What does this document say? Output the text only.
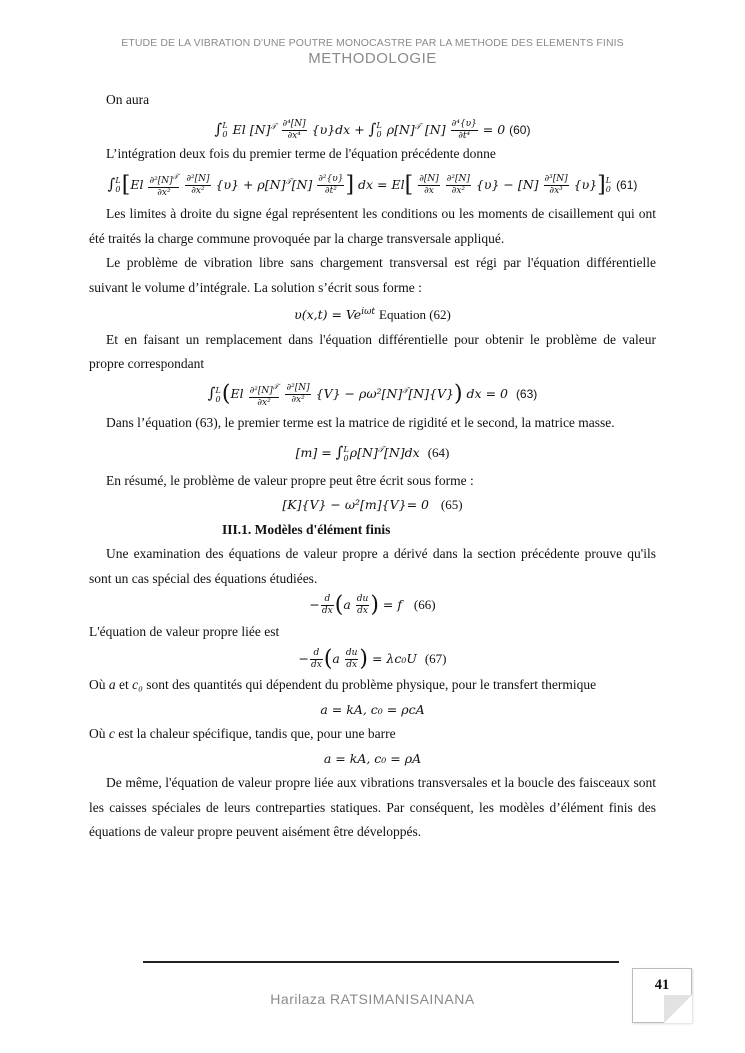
ETUDE DE LA VIBRATION D'UNE POUTRE MONOCASTRE PAR LA METHODE DES ELEMENTS FINIS
METHODOLOGIE

On aura

∫L
0 El $[N]^𝒯 \frac{\text{∂⁴[N]}}{\text{∂x⁴}} \{\upsilon\}dx + \int L$
0 $\rho[N]^𝒯$ $[N] \frac{\text{∂⁴\{υ\}}}{\text{∂t⁴}} = 0$ (60)

L’intégration deux fois du premier terme de l'équation précédente donne

∫L
$0[El \frac{\partial^2[N]^𝒯}{\text{∂x²}}$
$\frac{\text{∂²[N]}}{\text{∂x²}} \{\upsilon\} + \rho[N]^𝒯[N] \frac{\text{∂²\{υ\}}}{\text{∂t²}}$ ] dx = $El[ \frac{\partial[N]}{\partial x}$
$\frac{\text{∂²[N]}}{\text{∂x²}} \{\upsilon\} - [N] \frac{\text{∂³[N]}}{\text{∂x³}} \{\upsilon\}]L$
0 (61)

Les limites à droite du signe égal représentent les conditions ou les moments de cisaillement qui ont été traités la charge commune provoquée par la charge transversale appliqué.

Le problème de vibration libre sans chargement transversal est régi par l'équation différentielle suivant le volume d’intégrale. La solution s’écrit sous forme :

$\upsilon(x,t) = Ve^{i\omega t}$ Equation (62)

Et en faisant un remplacement dans l'équation différentielle pour obtenir le problème de valeur propre correspondant

∫L
$0(El \frac{\partial^2[N]^𝒯}{\text{∂x²}}$
$\frac{\text{∂²[N]}}{\text{∂x²}} \{V\} - \rho\omega^2[N]^𝒯[N]\{V\}$) dx = 0  (63)

Dans l’équation (63), le premier terme est la matrice de rigidité et le second, la matrice masse.

[m] = ∫L
$0\rho[N]^𝒯[N]dx$  (64)

En résumé, le problème de valeur propre peut être écrit sous forme :

[K]{V} − ω²[m]{V}= 0 (65)

III.1. Modèles d'élément finis

Une examination des équations de valeur propre a dérivé dans la section précédente prouve qu'ils sont un cas spécial des équations étudiées.

− $\frac{d}{dx} (a \frac{du}{dx}$ ) = f   (66)

L'équation de valeur propre liée est

− $\frac{d}{dx} (a \frac{du}{dx}$ ) = λc₀U  (67)

Où a et c₀ sont des quantités qui dépendent du problème physique, pour le transfert thermique

a = kA, c₀ = ρcA

Où c est la chaleur spécifique, tandis que, pour une barre

a = kA, c₀ = ρA

De même, l'équation de valeur propre liée aux vibrations transversales et la boucle des faisceaux sont les caisses spéciales de leurs contreparties statiques. Par conséquent, les modèles d’élément finis des équations de valeur propre peuvent aisément être développés.

Harilaza RATSIMANISAINANA
41
